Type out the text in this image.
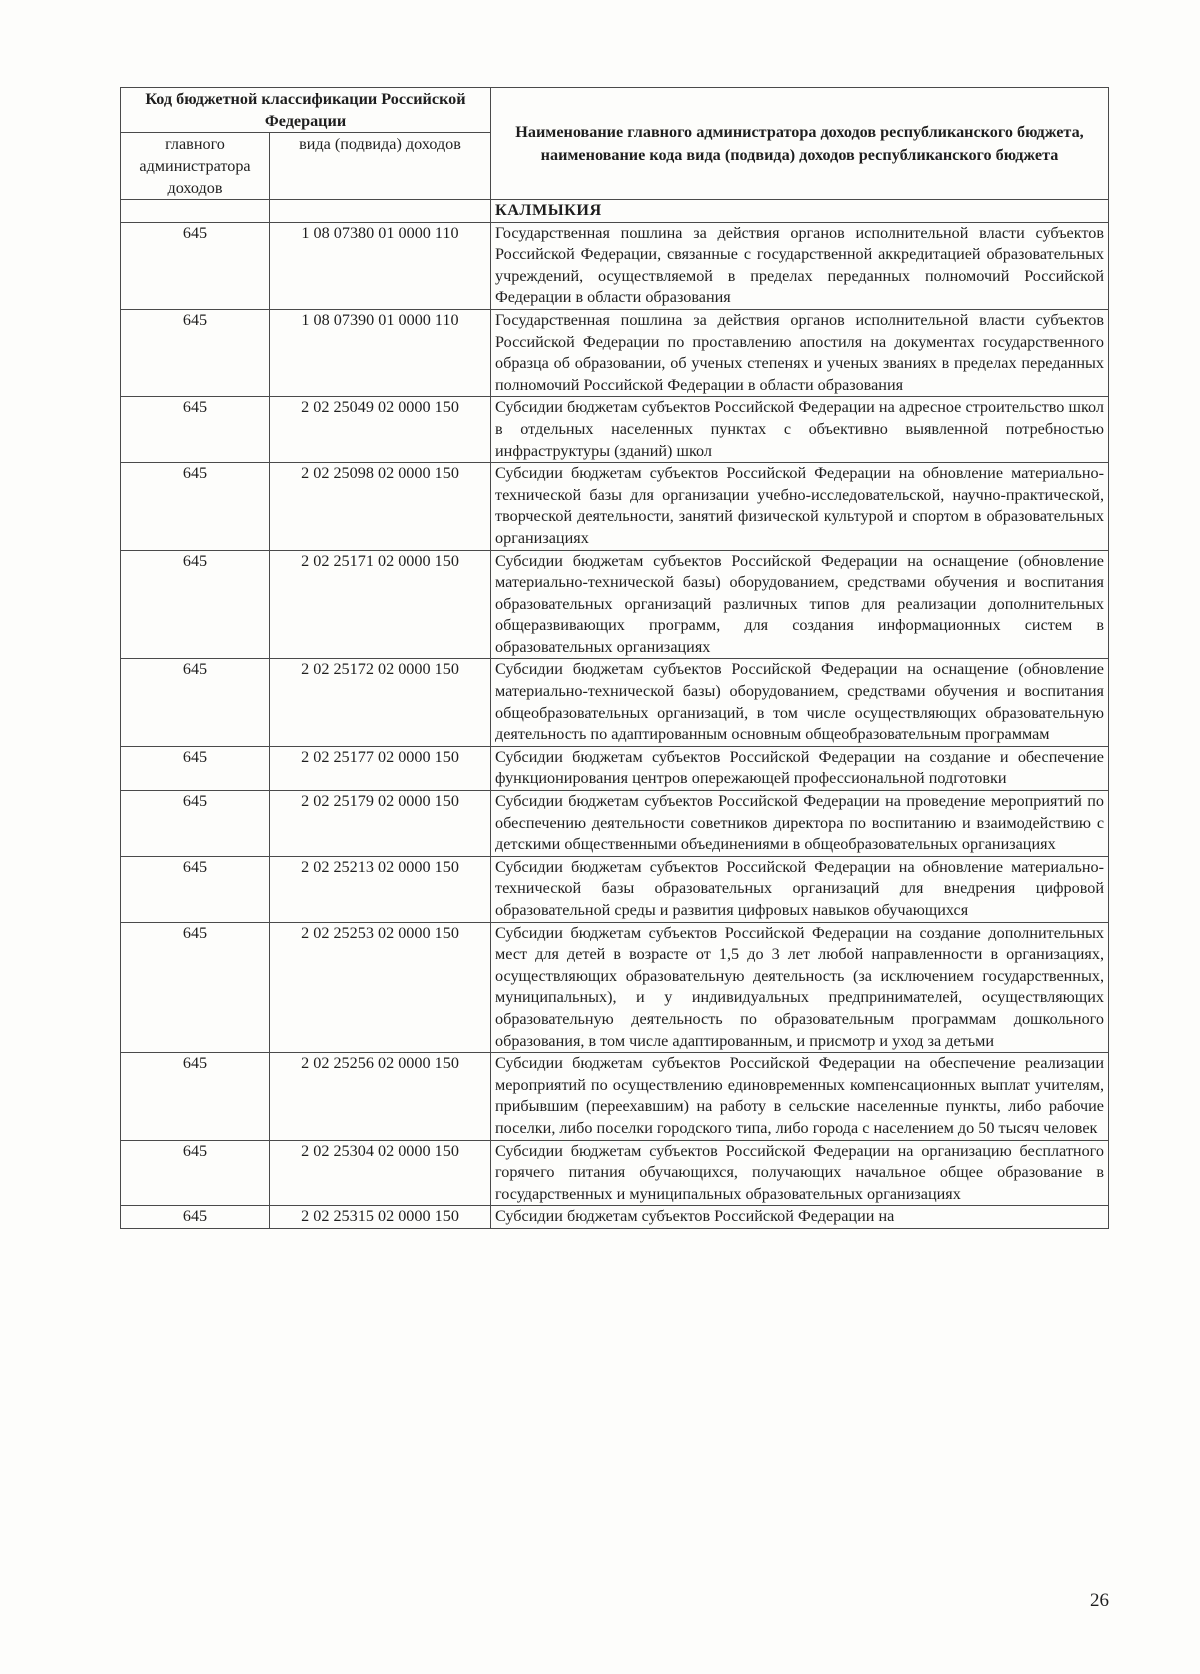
Код бюджетной классификации Российской Федерации		Наименование главного администратора доходов республиканского бюджета, наименование кода вида (подвида) доходов республиканского бюджета
главного администратора доходов	вида (подвида) доходов	
		КАЛМЫКИЯ
645	1 08 07380 01 0000 110	Государственная пошлина за действия органов исполнительной власти субъектов Российской Федерации, связанные с государственной аккредитацией образовательных учреждений, осуществляемой в пределах переданных полномочий Российской Федерации в области образования
645	1 08 07390 01 0000 110	Государственная пошлина за действия органов исполнительной власти субъектов Российской Федерации по проставлению апостиля на документах государственного образца об образовании, об ученых степенях и ученых званиях в пределах переданных полномочий Российской Федерации в области образования
645	2 02 25049 02 0000 150	Субсидии бюджетам субъектов Российской Федерации на адресное строительство школ в отдельных населенных пунктах с объективно выявленной потребностью инфраструктуры (зданий) школ
645	2 02 25098 02 0000 150	Субсидии бюджетам субъектов Российской Федерации на обновление материально-технической базы для организации учебно-исследовательской, научно-практической, творческой деятельности, занятий физической культурой и спортом в образовательных организациях
645	2 02 25171 02 0000 150	Субсидии бюджетам субъектов Российской Федерации на оснащение (обновление материально-технической базы) оборудованием, средствами обучения и воспитания образовательных организаций различных типов для реализации дополнительных общеразвивающих программ, для создания информационных систем в образовательных организациях
645	2 02 25172 02 0000 150	Субсидии бюджетам субъектов Российской Федерации на оснащение (обновление материально-технической базы) оборудованием, средствами обучения и воспитания общеобразовательных организаций, в том числе осуществляющих образовательную деятельность по адаптированным основным общеобразовательным программам
645	2 02 25177 02 0000 150	Субсидии бюджетам субъектов Российской Федерации на создание и обеспечение функционирования центров опережающей профессиональной подготовки
645	2 02 25179 02 0000 150	Субсидии бюджетам субъектов Российской Федерации на проведение мероприятий по обеспечению деятельности советников директора по воспитанию и взаимодействию с детскими общественными объединениями в общеобразовательных организациях
645	2 02 25213 02 0000 150	Субсидии бюджетам субъектов Российской Федерации на обновление материально-технической базы образовательных организаций для внедрения цифровой образовательной среды и развития цифровых навыков обучающихся
645	2 02 25253 02 0000 150	Субсидии бюджетам субъектов Российской Федерации на создание дополнительных мест для детей в возрасте от 1,5 до 3 лет любой направленности в организациях, осуществляющих образовательную деятельность (за исключением государственных, муниципальных), и у индивидуальных предпринимателей, осуществляющих образовательную деятельность по образовательным программам дошкольного образования, в том числе адаптированным, и присмотр и уход за детьми
645	2 02 25256 02 0000 150	Субсидии бюджетам субъектов Российской Федерации на обеспечение реализации мероприятий по осуществлению единовременных компенсационных выплат учителям, прибывшим (переехавшим) на работу в сельские населенные пункты, либо рабочие поселки, либо поселки городского типа, либо города с населением до 50 тысяч человек
645	2 02 25304 02 0000 150	Субсидии бюджетам субъектов Российской Федерации на организацию бесплатного горячего питания обучающихся, получающих начальное общее образование в государственных и муниципальных образовательных организациях
645	2 02 25315 02 0000 150	Субсидии бюджетам субъектов Российской Федерации на
26
